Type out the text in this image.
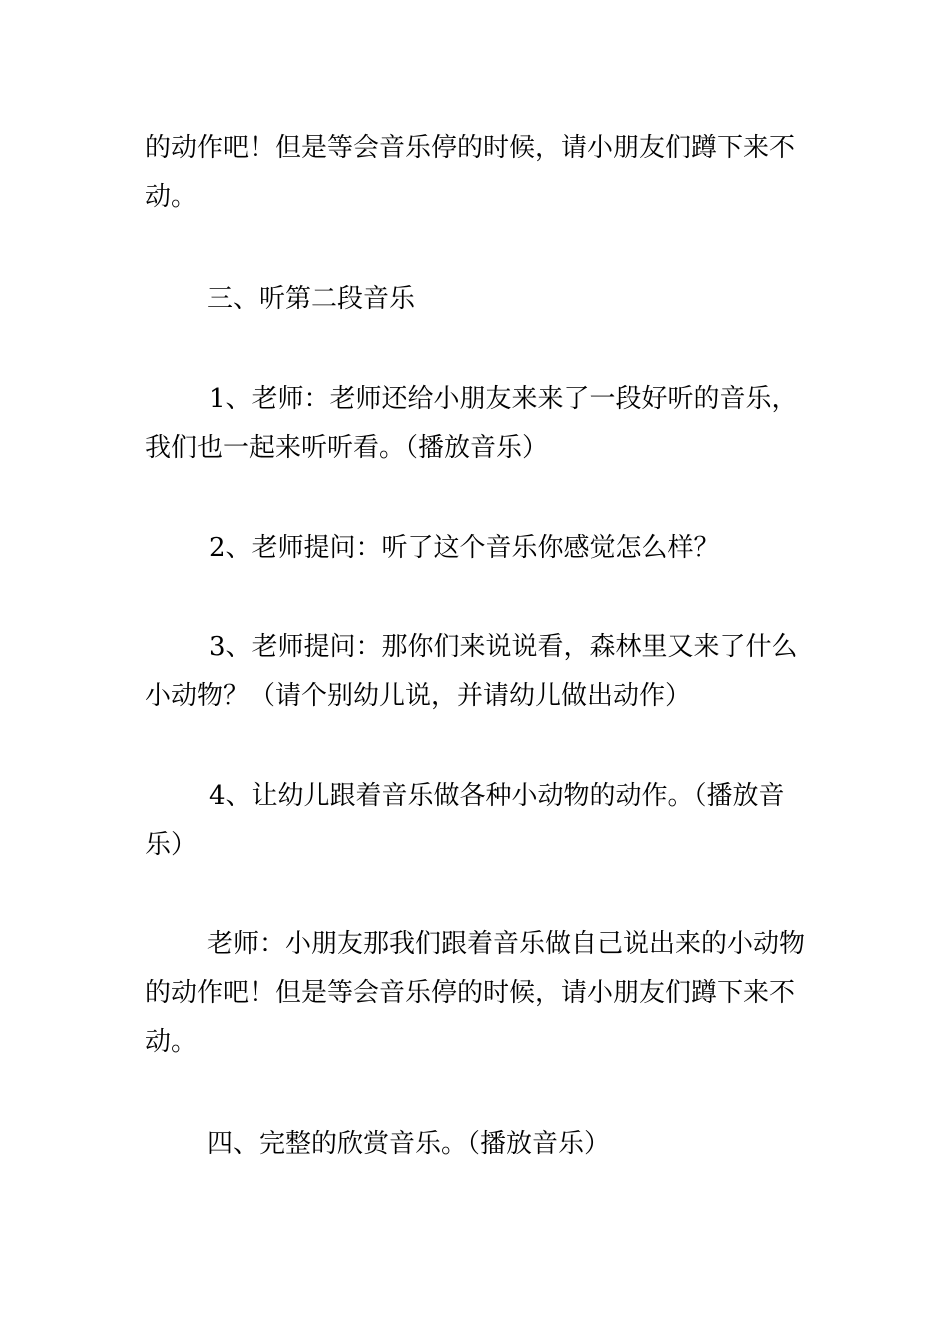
的动作吧！但是等会音乐停的时候，请小朋友们蹲下来不
动。

三、听第二段音乐

1、老师：老师还给小朋友来来了一段好听的音乐，
我们也一起来听听看。（播放音乐）

2、老师提问：听了这个音乐你感觉怎么样？

3、老师提问：那你们来说说看，森林里又来了什么
小动物？（请个别幼儿说，并请幼儿做出动作）

4、让幼儿跟着音乐做各种小动物的动作。（播放音
乐）

老师：小朋友那我们跟着音乐做自己说出来的小动物
的动作吧！但是等会音乐停的时候，请小朋友们蹲下来不
动。

四、完整的欣赏音乐。（播放音乐）
